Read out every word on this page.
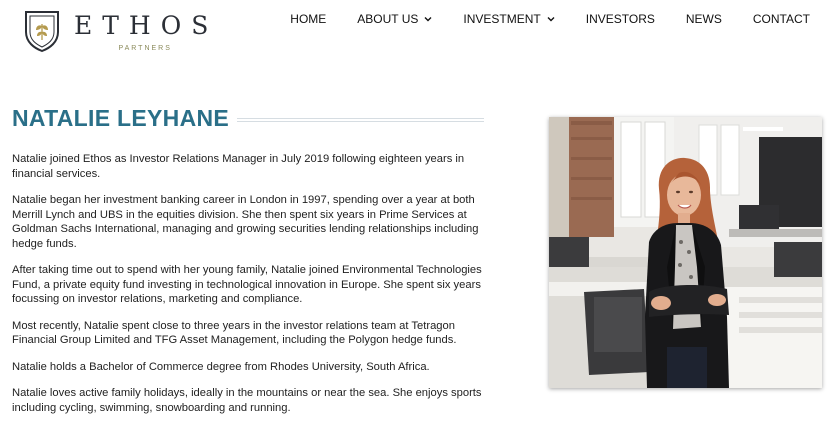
ETHOS
PARTNERS
HOME	ABOUT US	INVESTMENT	INVESTORS	NEWS	CONTACT
NATALIE LEYHANE

Natalie joined Ethos as Investor Relations Manager in July 2019 following eighteen years in financial services.

Natalie began her investment banking career in London in 1997, spending over a year at both Merrill Lynch and UBS in the equities division. She then spent six years in Prime Services at Goldman Sachs International, managing and growing securities lending relationships including hedge funds.

After taking time out to spend with her young family, Natalie joined Environmental Technologies Fund, a private equity fund investing in technological innovation in Europe. She spent six years focussing on investor relations, marketing and compliance.

Most recently, Natalie spent close to three years in the investor relations team at Tetragon Financial Group Limited and TFG Asset Management, including the Polygon hedge funds.

Natalie holds a Bachelor of Commerce degree from Rhodes University, South Africa.

Natalie loves active family holidays, ideally in the mountains or near the sea. She enjoys sports including cycling, swimming, snowboarding and running.
